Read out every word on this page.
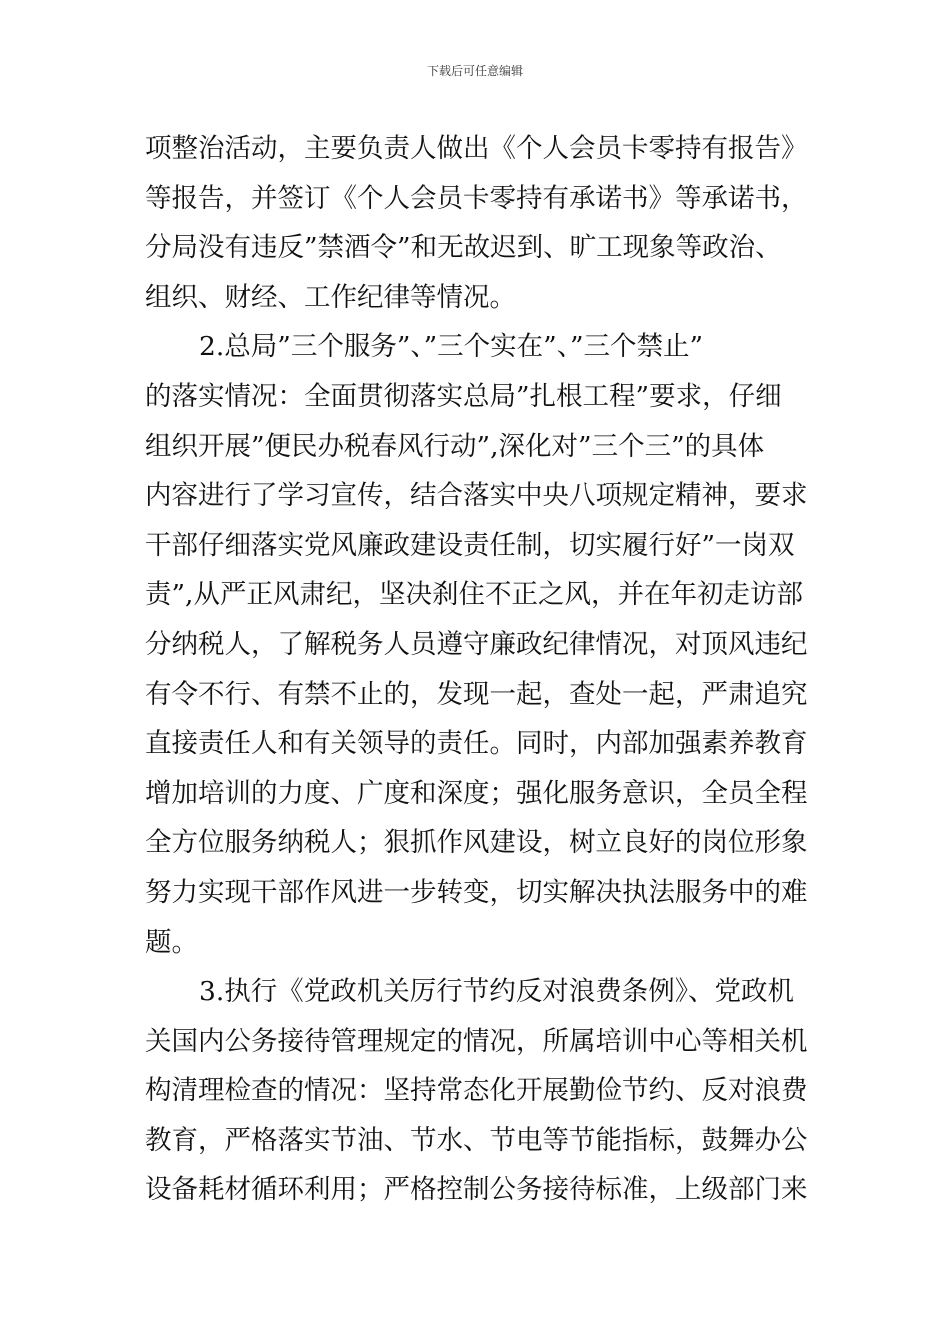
下载后可任意编辑
项整治活动，主要负责人做出《个人会员卡零持有报告》
等报告，并签订《个人会员卡零持有承诺书》等承诺书，
分局没有违反”禁酒令”和无故迟到、旷工现象等政治、
组织、财经、工作纪律等情况。
2.总局”三个服务”、”三个实在”、”三个禁止”
的落实情况：全面贯彻落实总局”扎根工程”要求，仔细
组织开展”便民办税春风行动”,深化对”三个三”的具体
内容进行了学习宣传，结合落实中央八项规定精神，要求
干部仔细落实党风廉政建设责任制，切实履行好”一岗双
责”,从严正风肃纪，坚决刹住不正之风，并在年初走访部
分纳税人，了解税务人员遵守廉政纪律情况，对顶风违纪
有令不行、有禁不止的，发现一起，查处一起，严肃追究
直接责任人和有关领导的责任。同时，内部加强素养教育
增加培训的力度、广度和深度；强化服务意识，全员全程
全方位服务纳税人；狠抓作风建设，树立良好的岗位形象
努力实现干部作风进一步转变，切实解决执法服务中的难
题。
3.执行《党政机关厉行节约反对浪费条例》、党政机
关国内公务接待管理规定的情况，所属培训中心等相关机
构清理检查的情况：坚持常态化开展勤俭节约、反对浪费
教育，严格落实节油、节水、节电等节能指标，鼓舞办公
设备耗材循环利用；严格控制公务接待标准，上级部门来
